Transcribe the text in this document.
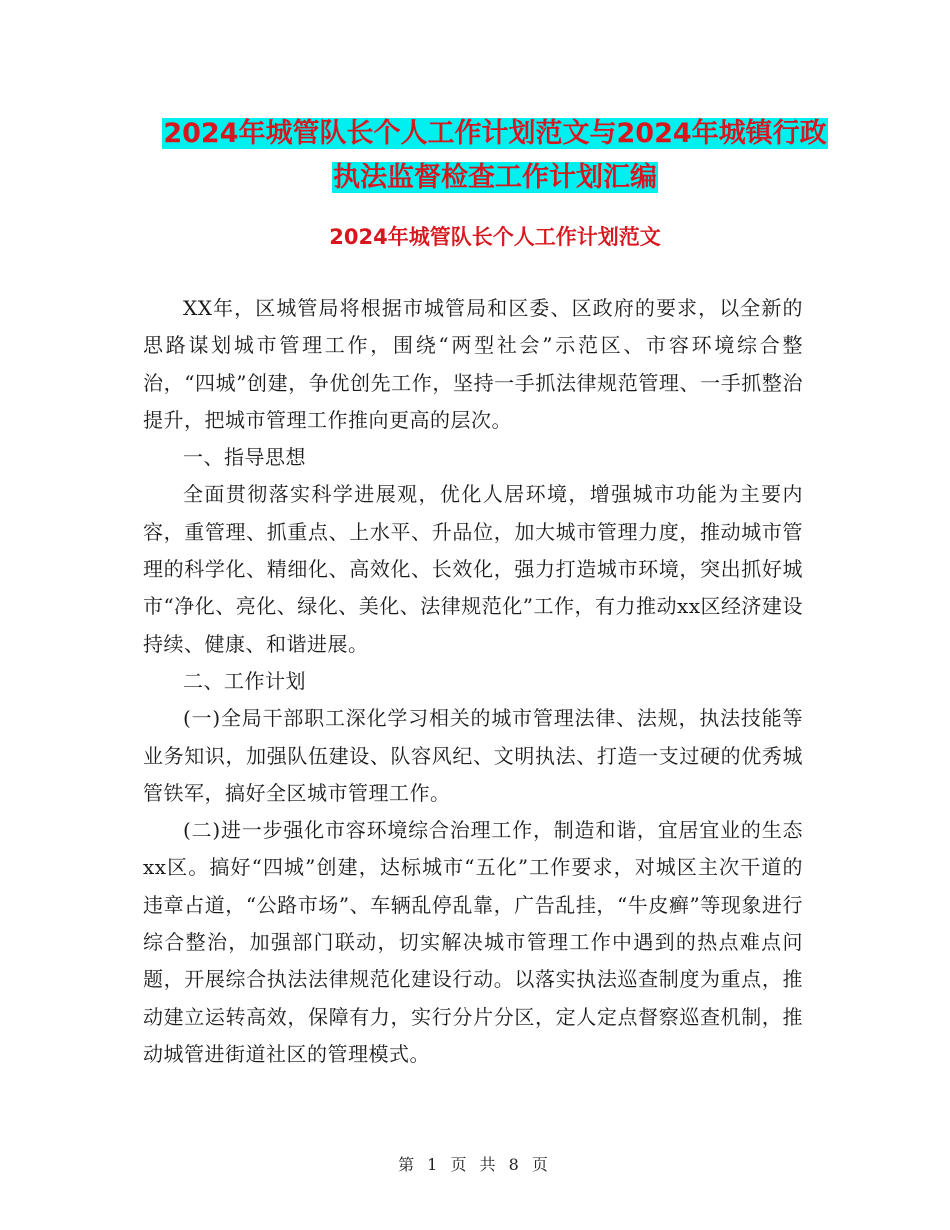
2024年城管队长个人工作计划范文与2024年城镇行政
执法监督检查工作计划汇编
2024年城管队长个人工作计划范文

XX年，区城管局将根据市城管局和区委、区政府的要求，以全新的思路谋划城市管理工作，围绕“两型社会”示范区、市容环境综合整治，“四城”创建，争优创先工作，坚持一手抓法律规范管理、一手抓整治提升，把城市管理工作推向更高的层次。

一、指导思想

全面贯彻落实科学进展观，优化人居环境，增强城市功能为主要内容，重管理、抓重点、上水平、升品位，加大城市管理力度，推动城市管理的科学化、精细化、高效化、长效化，强力打造城市环境，突出抓好城市“净化、亮化、绿化、美化、法律规范化”工作，有力推动xx区经济建设持续、健康、和谐进展。

二、工作计划

(一)全局干部职工深化学习相关的城市管理法律、法规，执法技能等业务知识，加强队伍建设、队容风纪、文明执法、打造一支过硬的优秀城管铁军，搞好全区城市管理工作。

(二)进一步强化市容环境综合治理工作，制造和谐，宜居宜业的生态xx区。搞好“四城”创建，达标城市“五化”工作要求，对城区主次干道的违章占道，“公路市场”、车辆乱停乱靠，广告乱挂，“牛皮癣”等现象进行综合整治，加强部门联动，切实解决城市管理工作中遇到的热点难点问题，开展综合执法法律规范化建设行动。以落实执法巡查制度为重点，推动建立运转高效，保障有力，实行分片分区，定人定点督察巡查机制，推动城管进街道社区的管理模式。

第 1 页 共 8 页
